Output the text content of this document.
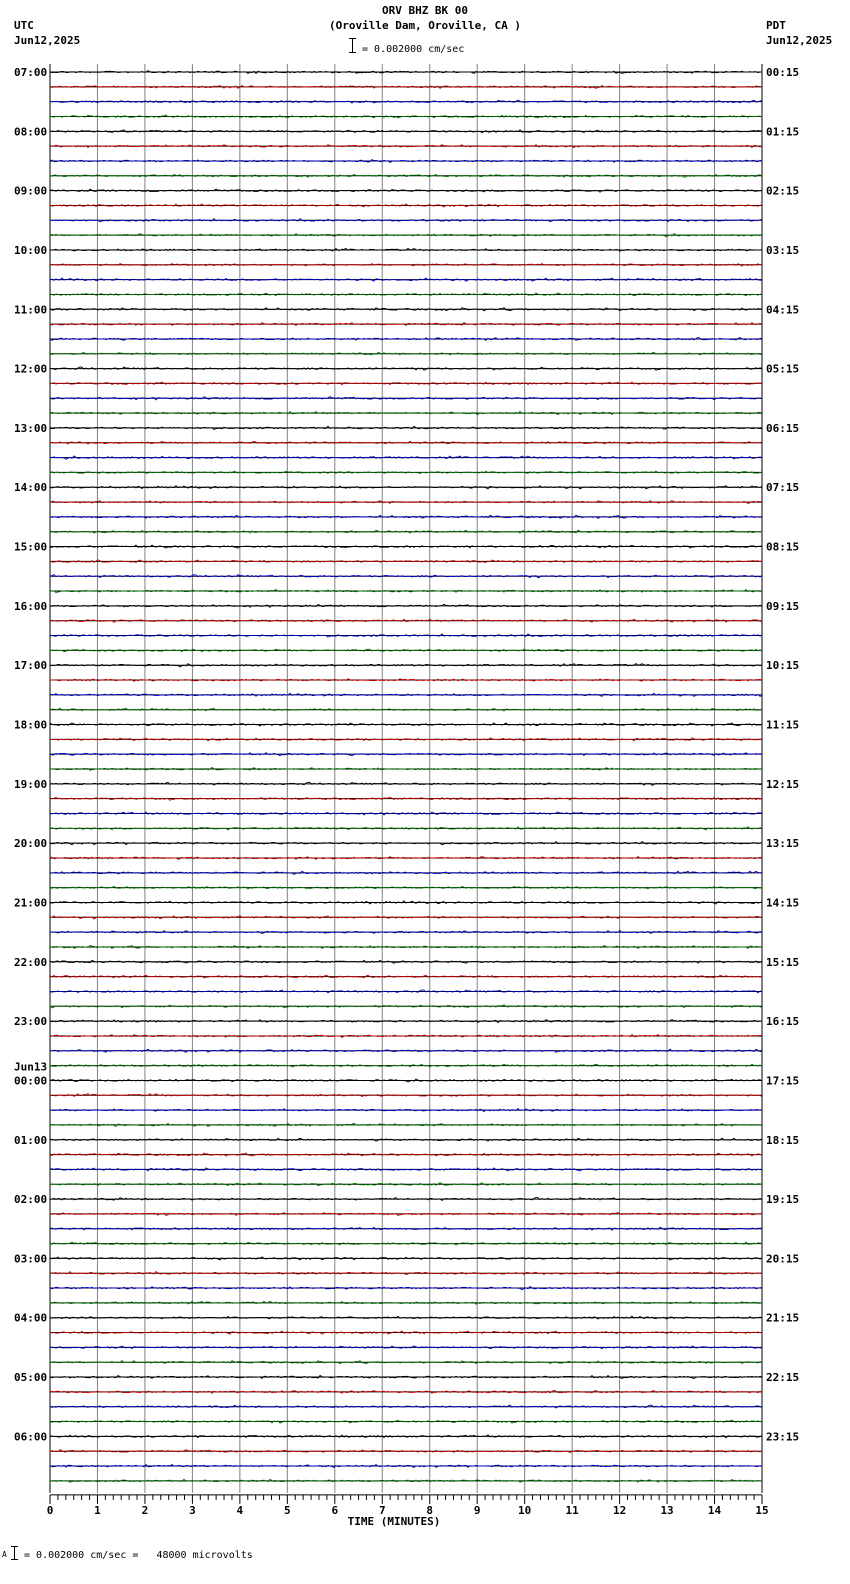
ORV BHZ BK 00
(Oroville Dam, Oroville, CA )
UTC
Jun12,2025
PDT
Jun12,2025
= 0.002000 cm/sec
0	1	2	3	4	5	6	7	8	9	10	11	12	13	14	15
TIME (MINUTES)
07:00
08:00
09:00
10:00
11:00
12:00
13:00
14:00
15:00
16:00
17:00
18:00
19:00
20:00
21:00
22:00
23:00
00:00
Jun13
01:00
02:00
03:00
04:00
05:00
06:00
00:15
01:15
02:15
03:15
04:15
05:15
06:15
07:15
08:15
09:15
10:15
11:15
12:15
13:15
14:15
15:15
16:15
17:15
18:15
19:15
20:15
21:15
22:15
23:15
A = 0.002000 cm/sec =   48000 microvolts
